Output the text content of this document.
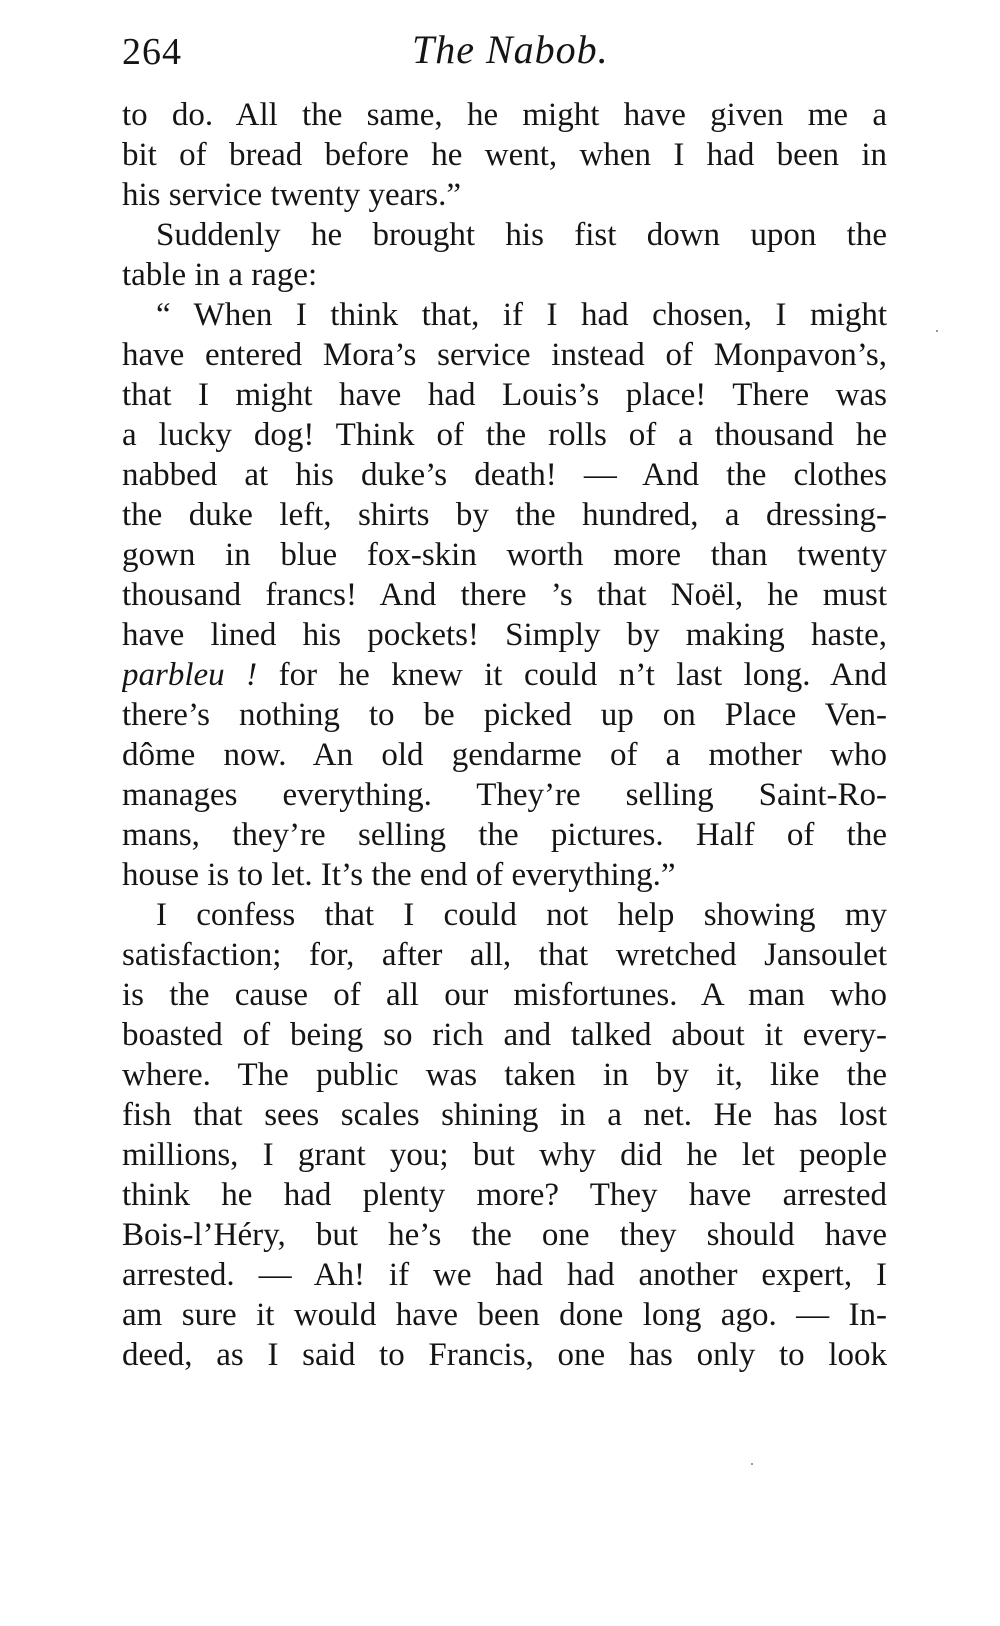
264	The Nabob.
to do. All the same, he might have given me a
bit of bread before he went, when I had been in
his service twenty years.”
Suddenly he brought his fist down upon the
table in a rage:
“ When I think that, if I had chosen, I might
have entered Mora’s service instead of Monpavon’s,
that I might have had Louis’s place! There was
a lucky dog! Think of the rolls of a thousand he
nabbed at his duke’s death! — And the clothes
the duke left, shirts by the hundred, a dressing-
gown in blue fox-skin worth more than twenty
thousand francs! And there ’s that Noël, he must
have lined his pockets! Simply by making haste,
parbleu ! for he knew it could n’t last long. And
there’s nothing to be picked up on Place Ven-
dôme now. An old gendarme of a mother who
manages everything. They’re selling Saint-Ro-
mans, they’re selling the pictures. Half of the
house is to let. It’s the end of everything.”
I confess that I could not help showing my
satisfaction; for, after all, that wretched Jansoulet
is the cause of all our misfortunes. A man who
boasted of being so rich and talked about it every-
where. The public was taken in by it, like the
fish that sees scales shining in a net. He has lost
millions, I grant you; but why did he let people
think he had plenty more? They have arrested
Bois-l’Héry, but he’s the one they should have
arrested. — Ah! if we had had another expert, I
am sure it would have been done long ago. — In-
deed, as I said to Francis, one has only to look
